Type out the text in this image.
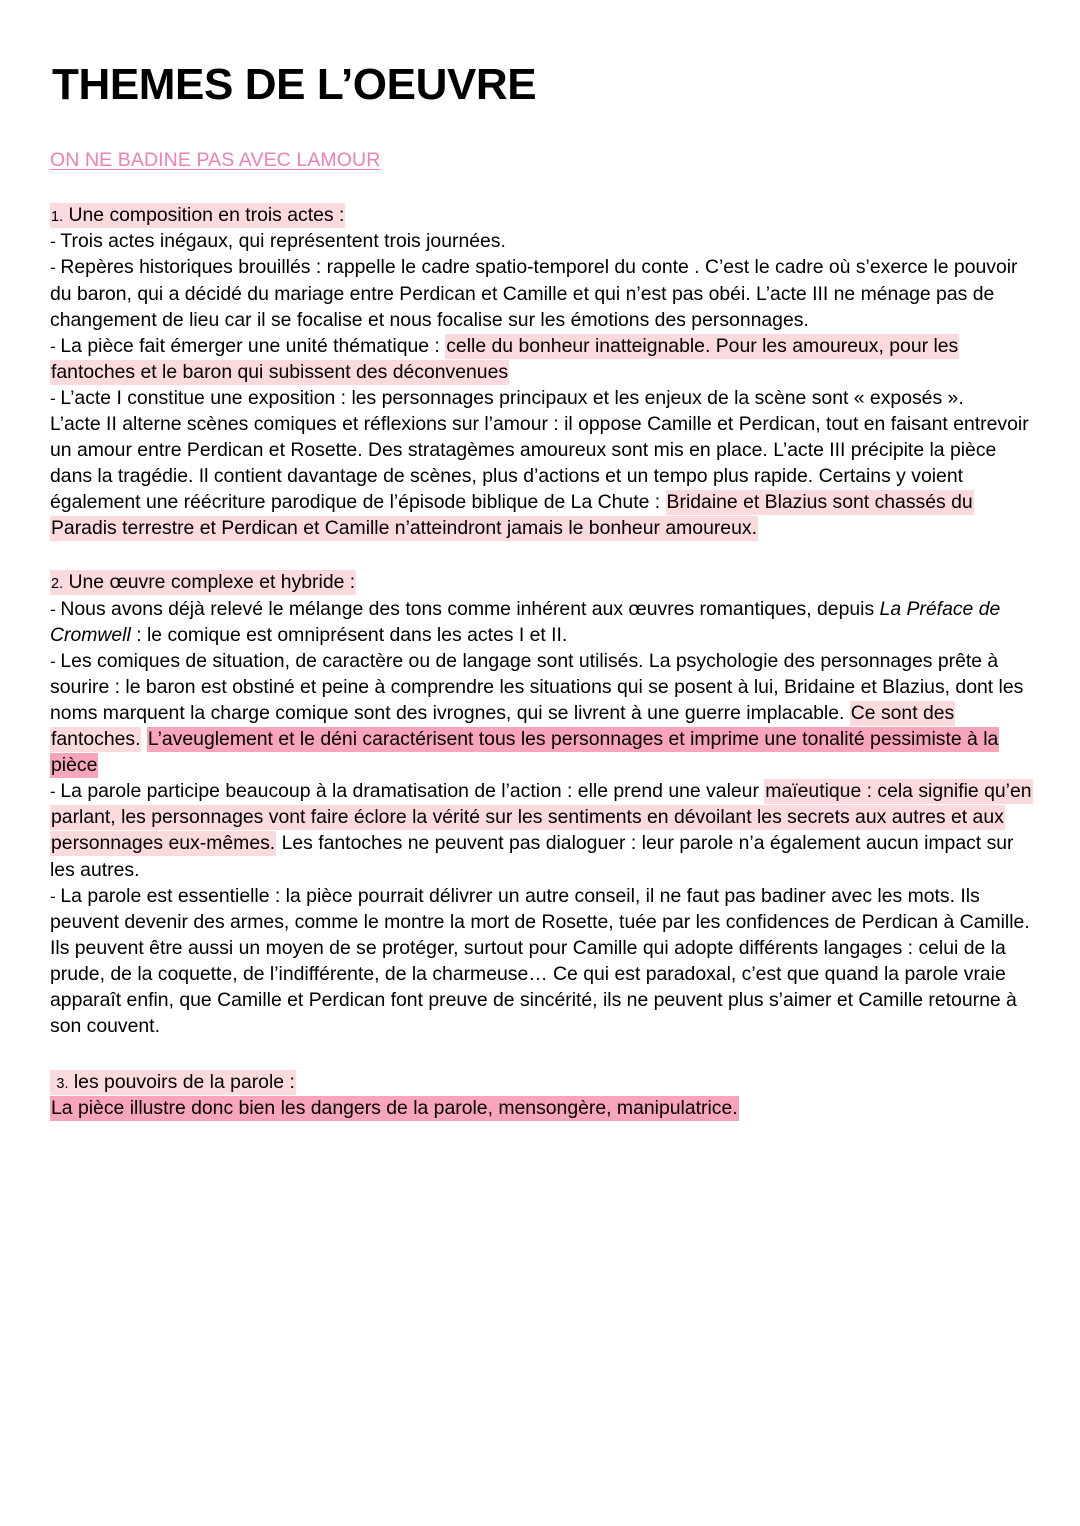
THEMES DE L’OEUVRE
ON NE BADINE PAS AVEC LAMOUR
1. Une composition en trois actes :

- Trois actes inégaux, qui représentent trois journées.

- Repères historiques brouillés : rappelle le cadre spatio-temporel du conte . C’est le cadre où s’exerce le pouvoir du baron, qui a décidé du mariage entre Perdican et Camille et qui n’est pas obéi. L’acte III ne ménage pas de changement de lieu car il se focalise et nous focalise sur les émotions des personnages.

- La pièce fait émerger une unité thématique : celle du bonheur inatteignable. Pour les amoureux, pour les fantoches et le baron qui subissent des déconvenues

- L’acte I constitue une exposition : les personnages principaux et les enjeux de la scène sont « exposés ».

L’acte II alterne scènes comiques et réflexions sur l’amour : il oppose Camille et Perdican, tout en faisant entrevoir un amour entre Perdican et Rosette. Des stratagèmes amoureux sont mis en place. L’acte III précipite la pièce dans la tragédie. Il contient davantage de scènes, plus d’actions et un tempo plus rapide. Certains y voient également une réécriture parodique de l’épisode biblique de La Chute : Bridaine et Blazius sont chassés du Paradis terrestre et Perdican et Camille n’atteindront jamais le bonheur amoureux.

2. Une œuvre complexe et hybride :

- Nous avons déjà relevé le mélange des tons comme inhérent aux œuvres romantiques, depuis La Préface de Cromwell : le comique est omniprésent dans les actes I et II.

- Les comiques de situation, de caractère ou de langage sont utilisés. La psychologie des personnages prête à sourire : le baron est obstiné et peine à comprendre les situations qui se posent à lui, Bridaine et Blazius, dont les noms marquent la charge comique sont des ivrognes, qui se livrent à une guerre implacable. Ce sont des fantoches. L’aveuglement et le déni caractérisent tous les personnages et imprime une tonalité pessimiste à la pièce

- La parole participe beaucoup à la dramatisation de l’action : elle prend une valeur maïeutique : cela signifie qu’en parlant, les personnages vont faire éclore la vérité sur les sentiments en dévoilant les secrets aux autres et aux personnages eux-mêmes. Les fantoches ne peuvent pas dialoguer : leur parole n’a également aucun impact sur les autres.

- La parole est essentielle : la pièce pourrait délivrer un autre conseil, il ne faut pas badiner avec les mots. Ils peuvent devenir des armes, comme le montre la mort de Rosette, tuée par les confidences de Perdican à Camille. Ils peuvent être aussi un moyen de se protéger, surtout pour Camille qui adopte différents langages : celui de la prude, de la coquette, de l’indifférente, de la charmeuse… Ce qui est paradoxal, c’est que quand la parole vraie apparaît enfin, que Camille et Perdican font preuve de sincérité, ils ne peuvent plus s’aimer et Camille retourne à son couvent.

3. les pouvoirs de la parole :

La pièce illustre donc bien les dangers de la parole, mensongère, manipulatrice.
